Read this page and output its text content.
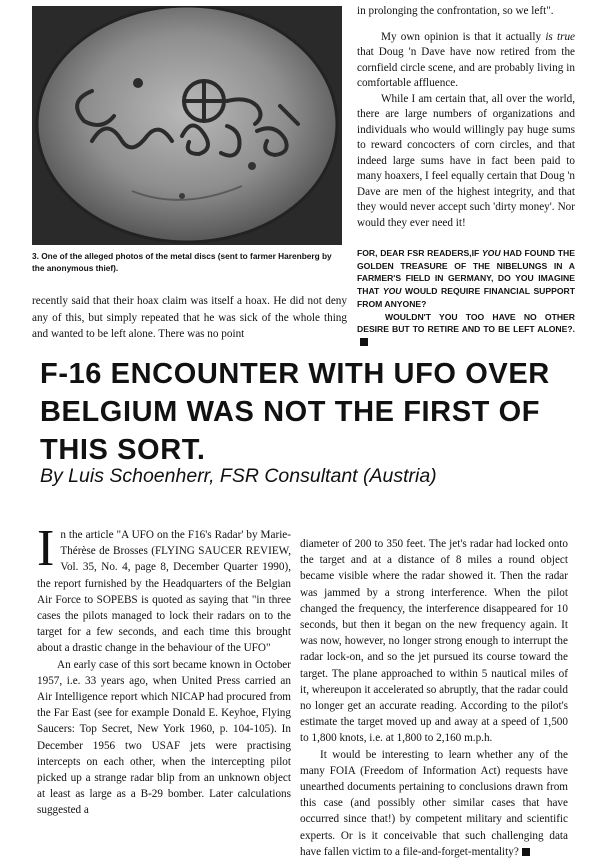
3. One of the alleged photos of the metal discs (sent to farmer Harenberg by the anonymous thief).
recently said that their hoax claim was itself a hoax. He did not deny any of this, but simply repeated that he was sick of the whole thing and wanted to be left alone. There was no point

in prolonging the confrontation, so we left".

My own opinion is that it actually is true that Doug 'n Dave have now retired from the cornfield circle scene, and are probably living in comfortable affluence.

While I am certain that, all over the world, there are large numbers of organizations and individuals who would willingly pay huge sums to reward concocters of corn circles, and that indeed large sums have in fact been paid to many hoaxers, I feel equally certain that Doug 'n Dave are men of the highest integrity, and that they would never accept such 'dirty money'. Nor would they ever need it!

FOR, DEAR FSR READERS,IF YOU HAD FOUND THE GOLDEN TREASURE OF THE NIBELUNGS IN A FARMER'S FIELD IN GERMANY, DO YOU IMAGINE THAT YOU WOULD REQUIRE FINANCIAL SUPPORT FROM ANYONE?

WOULDN'T YOU TOO HAVE NO OTHER DESIRE BUT TO RETIRE AND TO BE LEFT ALONE?.

F-16 ENCOUNTER WITH UFO OVER BELGIUM WAS NOT THE FIRST OF THIS SORT.
By Luis Schoenherr, FSR Consultant (Austria)

In the article "A UFO on the F16's Radar' by Marie-Thérèse de Brosses (FLYING SAUCER REVIEW, Vol. 35, No. 4, page 8, December Quarter 1990), the report furnished by the Headquarters of the Belgian Air Force to SOPEBS is quoted as saying that "in three cases the pilots managed to lock their radars on to the target for a few seconds, and each time this brought about a drastic change in the behaviour of the UFO"

An early case of this sort became known in October 1957, i.e. 33 years ago, when United Press carried an Air Intelligence report which NICAP had procured from the Far East (see for example Donald E. Keyhoe, Flying Saucers: Top Secret, New York 1960, p. 104-105). In December 1956 two USAF jets were practising intercepts on each other, when the intercepting pilot picked up a strange radar blip from an unknown object at least as large as a B-29 bomber. Later calculations suggested a

diameter of 200 to 350 feet. The jet's radar had locked onto the target and at a distance of 8 miles a round object became visible where the radar showed it. Then the radar was jammed by a strong interference. When the pilot changed the frequency, the interference disappeared for 10 seconds, but then it began on the new frequency again. It was now, however, no longer strong enough to interrupt the radar lock-on, and so the jet pursued its course toward the target. The plane approached to within 5 nautical miles of it, whereupon it accelerated so abruptly, that the radar could no longer get an accurate reading. According to the pilot's estimate the target moved up and away at a speed of 1,500 to 1,800 knots, i.e. at 1,800 to 2,160 m.p.h.

It would be interesting to learn whether any of the many FOIA (Freedom of Information Act) requests have unearthed documents pertaining to conclusions drawn from this case (and possibly other similar cases that have occurred since that!) by competent military and scientific experts. Or is it conceivable that such challenging data have fallen victim to a file-and-forget-mentality?
